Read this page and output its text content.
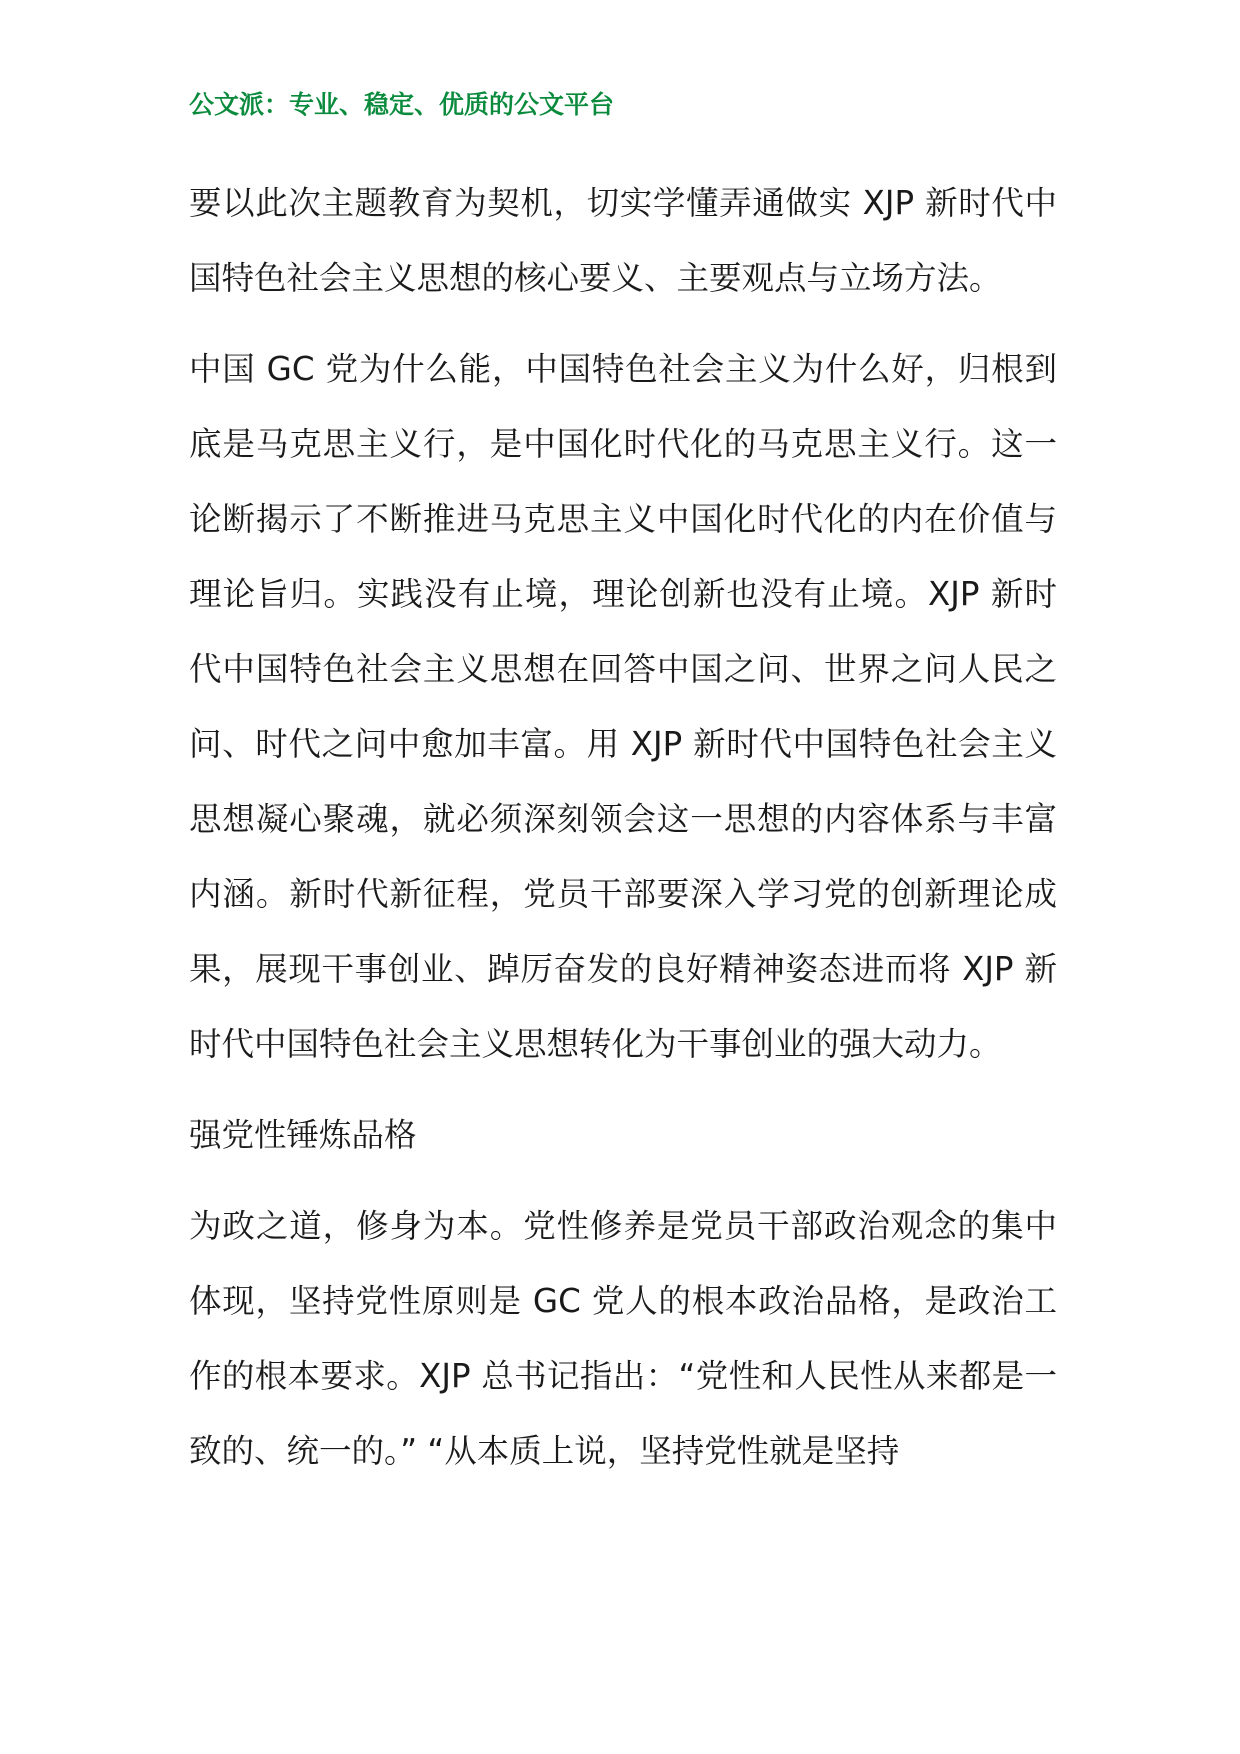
公文派：专业、稳定、优质的公文平台

要以此次主题教育为契机，切实学懂弄通做实 XJP 新时代中国特色社会主义思想的核心要义、主要观点与立场方法。

中国 GC 党为什么能，中国特色社会主义为什么好，归根到底是马克思主义行，是中国化时代化的马克思主义行。这一论断揭示了不断推进马克思主义中国化时代化的内在价值与理论旨归。实践没有止境，理论创新也没有止境。XJP 新时代中国特色社会主义思想在回答中国之问、世界之问人民之问、时代之问中愈加丰富。用 XJP 新时代中国特色社会主义思想凝心聚魂，就必须深刻领会这一思想的内容体系与丰富内涵。新时代新征程，党员干部要深入学习党的创新理论成果，展现干事创业、踔厉奋发的良好精神姿态进而将 XJP 新时代中国特色社会主义思想转化为干事创业的强大动力。

强党性锤炼品格

为政之道，修身为本。党性修养是党员干部政治观念的集中体现，坚持党性原则是 GC 党人的根本政治品格，是政治工作的根本要求。XJP 总书记指出：“党性和人民性从来都是一致的、统一的。” “从本质上说，坚持党性就是坚持
